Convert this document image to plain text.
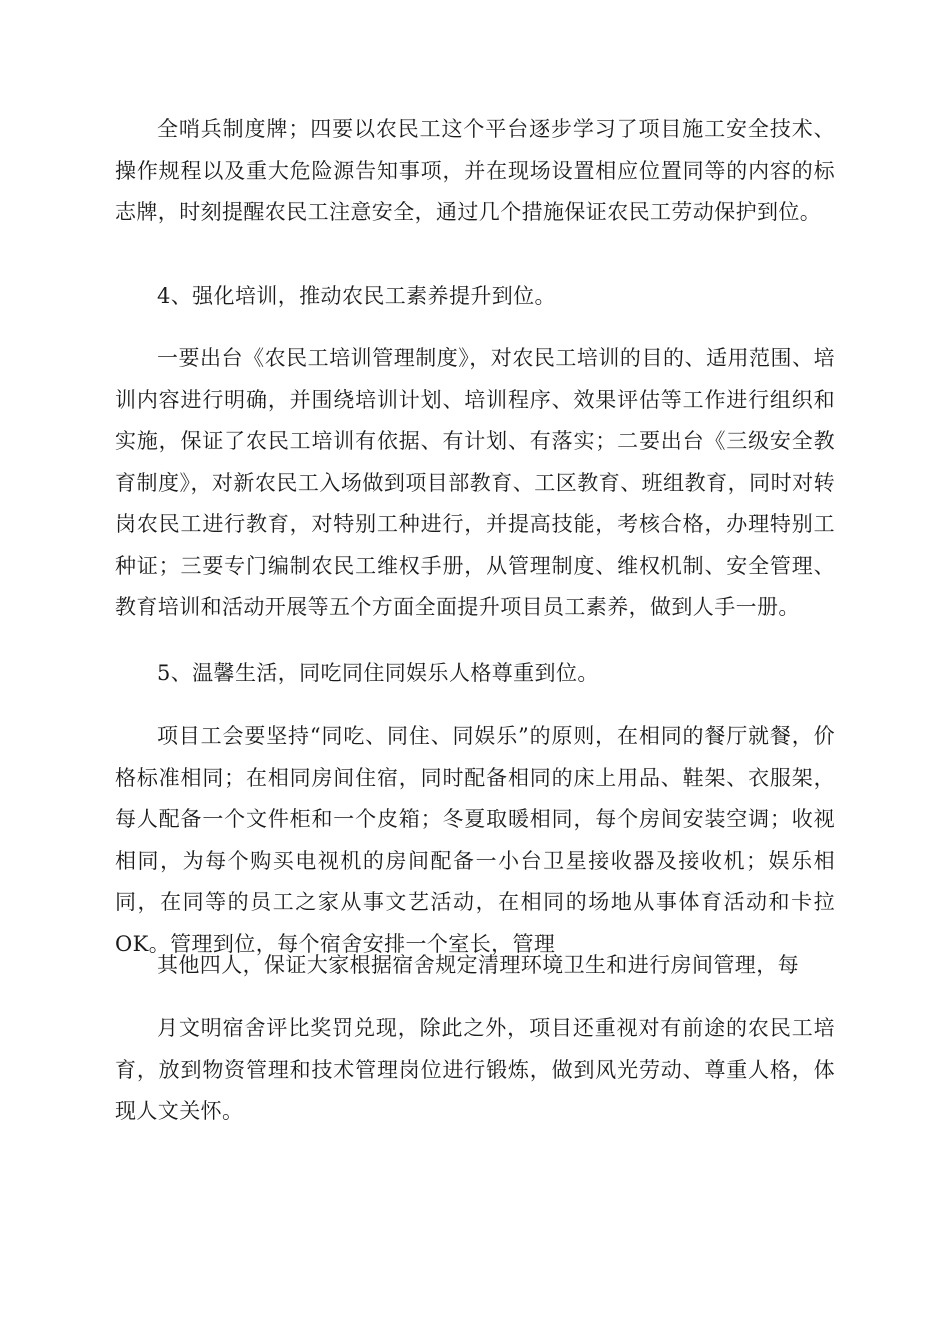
全哨兵制度牌；四要以农民工这个平台逐步学习了项目施工安全技术、操作规程以及重大危险源告知事项，并在现场设置相应位置同等的内容的标志牌，时刻提醒农民工注意安全，通过几个措施保证农民工劳动保护到位。

4、强化培训，推动农民工素养提升到位。

一要出台《农民工培训管理制度》，对农民工培训的目的、适用范围、培训内容进行明确，并围绕培训计划、培训程序、效果评估等工作进行组织和实施，保证了农民工培训有依据、有计划、有落实；二要出台《三级安全教育制度》，对新农民工入场做到项目部教育、工区教育、班组教育，同时对转岗农民工进行教育，对特别工种进行，并提高技能，考核合格，办理特别工种证；三要专门编制农民工维权手册，从管理制度、维权机制、安全管理、教育培训和活动开展等五个方面全面提升项目员工素养，做到人手一册。

5、温馨生活，同吃同住同娱乐人格尊重到位。

项目工会要坚持“同吃、同住、同娱乐”的原则，在相同的餐厅就餐，价格标准相同；在相同房间住宿，同时配备相同的床上用品、鞋架、衣服架，每人配备一个文件柜和一个皮箱；冬夏取暖相同，每个房间安装空调；收视相同，为每个购买电视机的房间配备一小台卫星接收器及接收机；娱乐相同，在同等的员工之家从事文艺活动，在相同的场地从事体育活动和卡拉OK。管理到位，每个宿舍安排一个室长，管理

其他四人，保证大家根据宿舍规定清理环境卫生和进行房间管理，每

月文明宿舍评比奖罚兑现，除此之外，项目还重视对有前途的农民工培育，放到物资管理和技术管理岗位进行锻炼，做到风光劳动、尊重人格，体现人文关怀。
